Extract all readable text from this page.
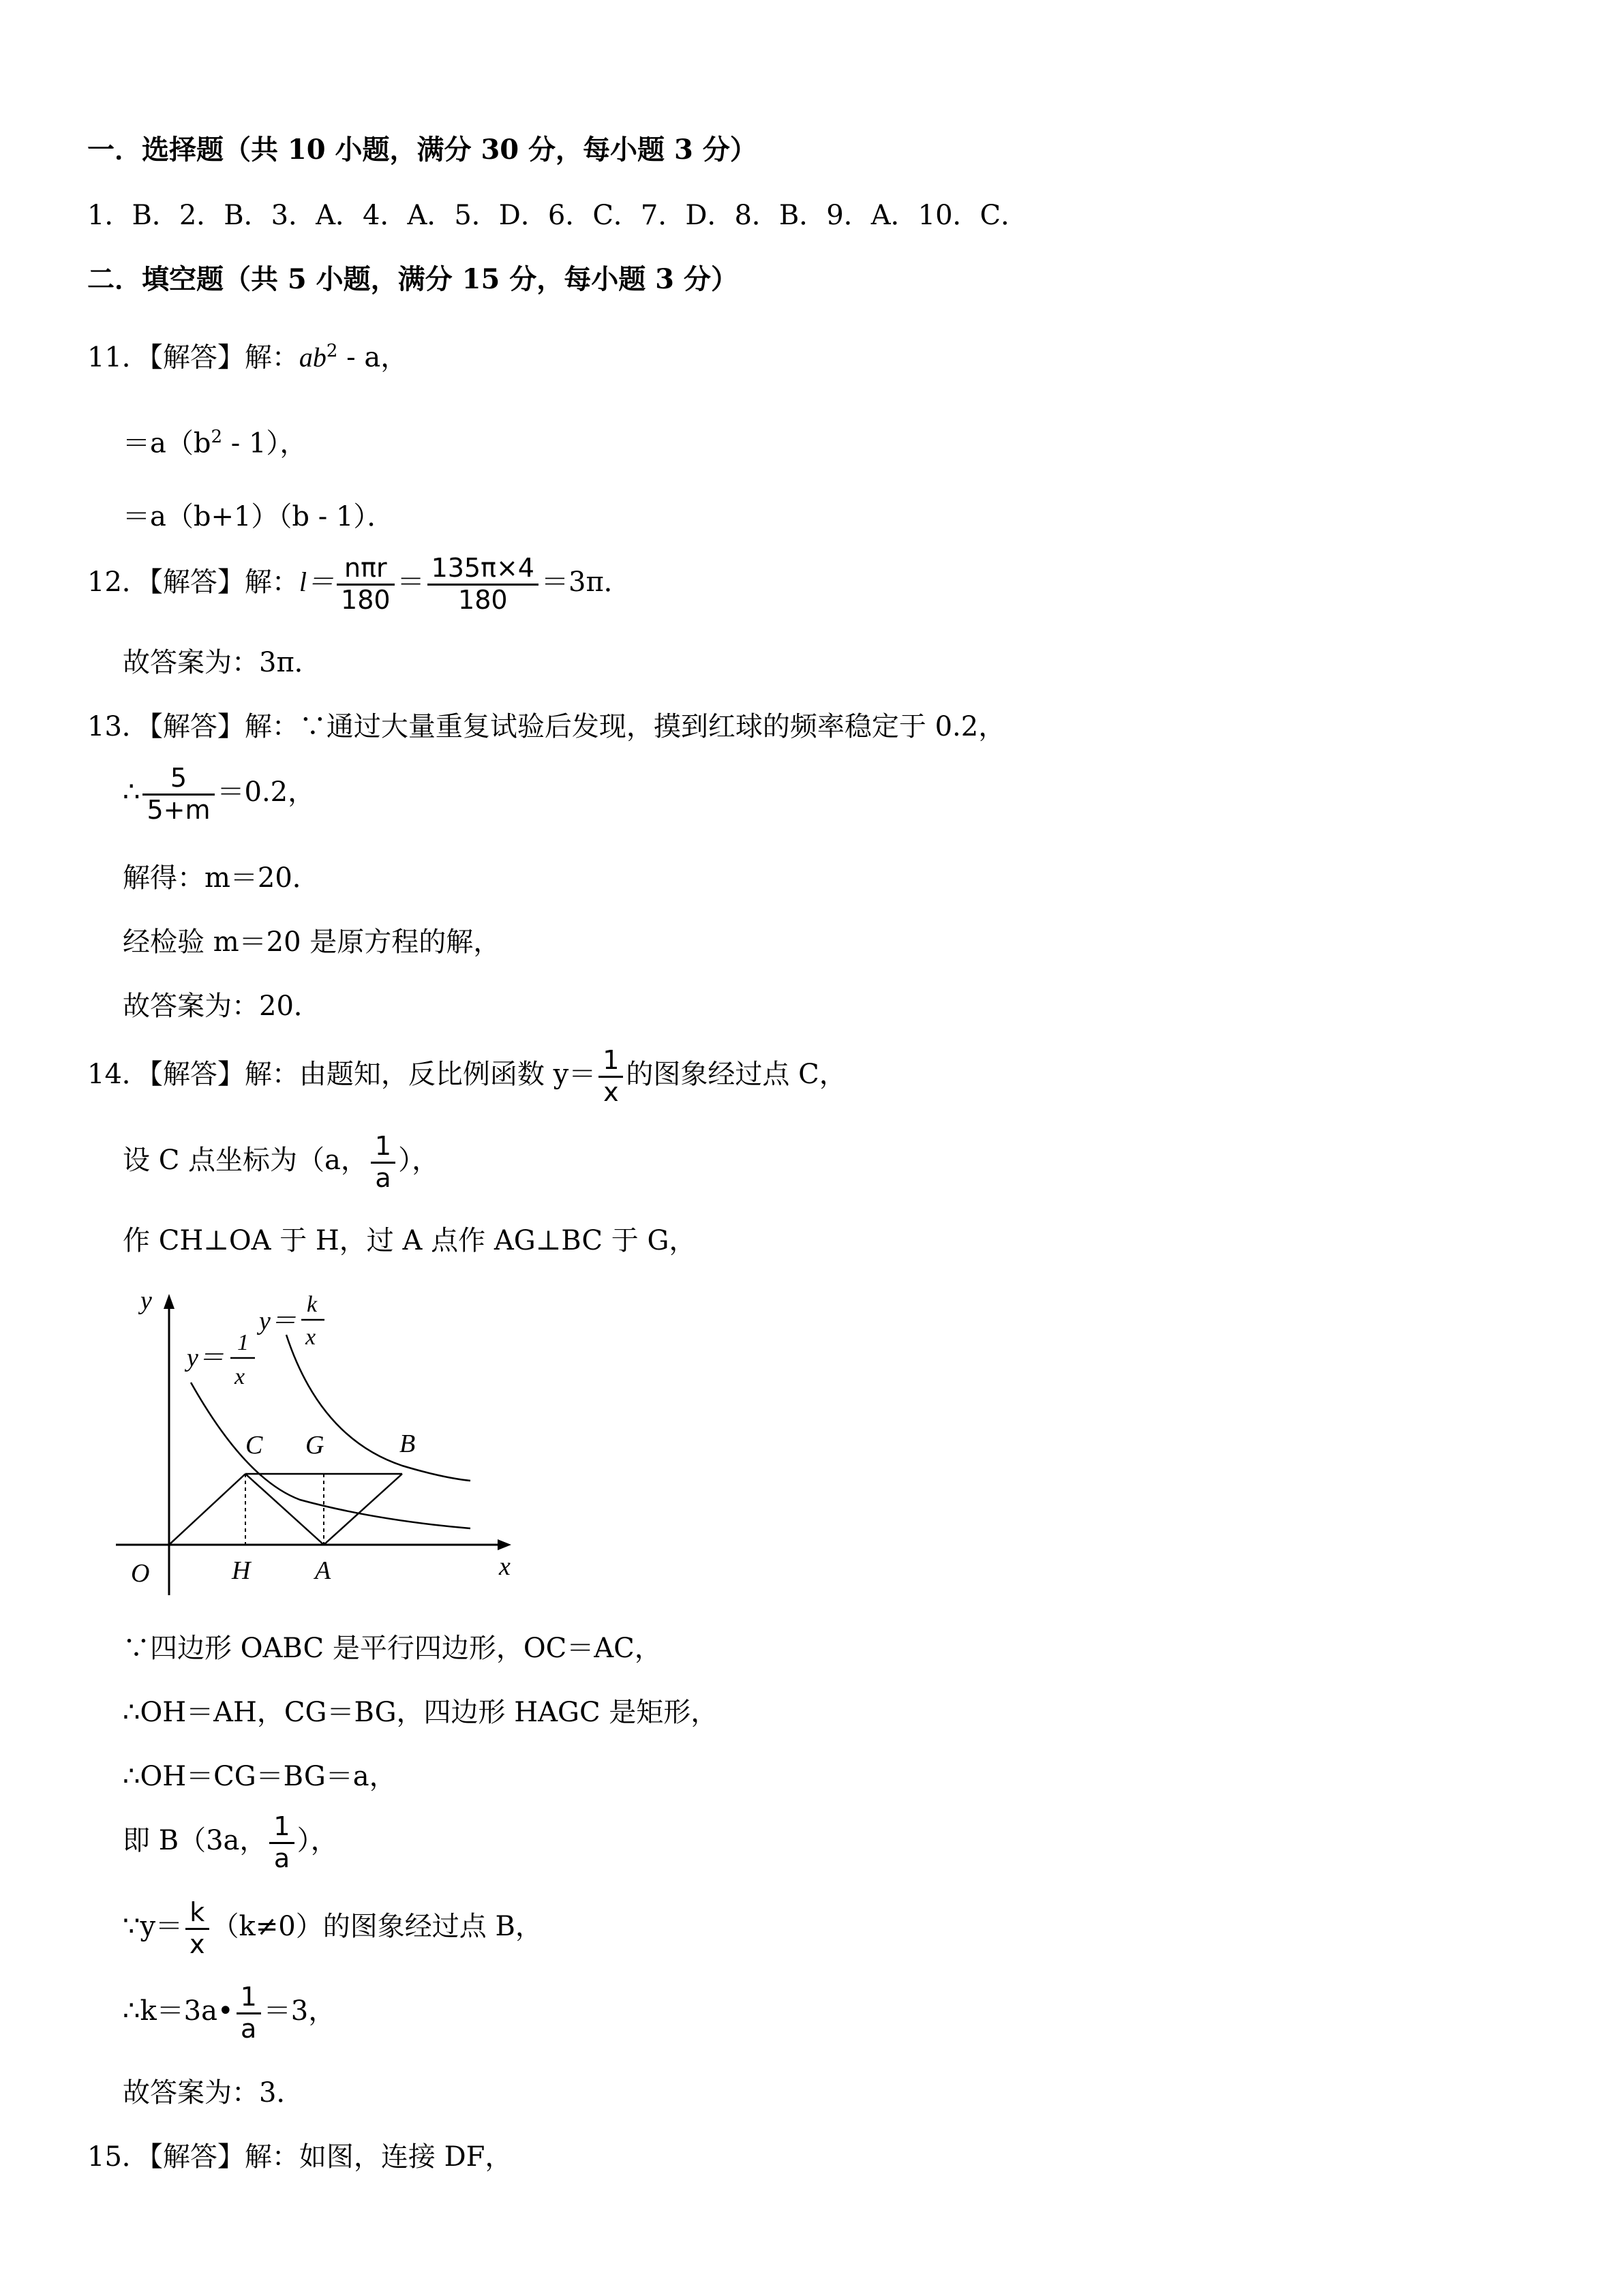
一．选择题（共 10 小题，满分 30 分，每小题 3 分）
1．B．2．B．3．A．4．A．5．D．6．C．7．D．8．B．9．A．10．C．
二．填空题（共 5 小题，满分 15 分，每小题 3 分）
11．【解答】解：$ab^2$ - a，
$=a(b^2 - 1)$，
＝a（b+1）（b - 1）．
12．【解答】解：$l= \frac{\text{nπr}}{180} = \frac{135\pi\times 4}{180} =3\pi$．
故答案为：3π．
13．【解答】解：∵通过大量重复试验后发现，摸到红球的频率稳定于 0.2，
∴ $\frac{5}{5+m} =0.2$，
解得：m＝20．
经检验 m＝20 是原方程的解，
故答案为：20．
14．【解答】解：由题知，反比例函数 $y= \frac{1}{x}$ 的图象经过点 C，
设 C 点坐标为（a， $\frac{1}{a}$ ），
作 CH⊥OA 于 H，过 A 点作 AG⊥BC 于 G，
y
x
O
C G	B
H A
y＝
1
x
y＝
k
x
∵四边形 OABC 是平行四边形，OC＝AC，
∴OH＝AH，CG＝BG，四边形 HAGC 是矩形，
∴OH＝CG＝BG＝a，
即 B（3a， $\frac{1}{a}$ ），
∵y＝ $\frac{k}{x} (k\ne 0)$的图象经过点 B，
∴k＝3a• $\frac{1}{a} =3$，
故答案为：3．
15．【解答】解：如图，连接 DF，
